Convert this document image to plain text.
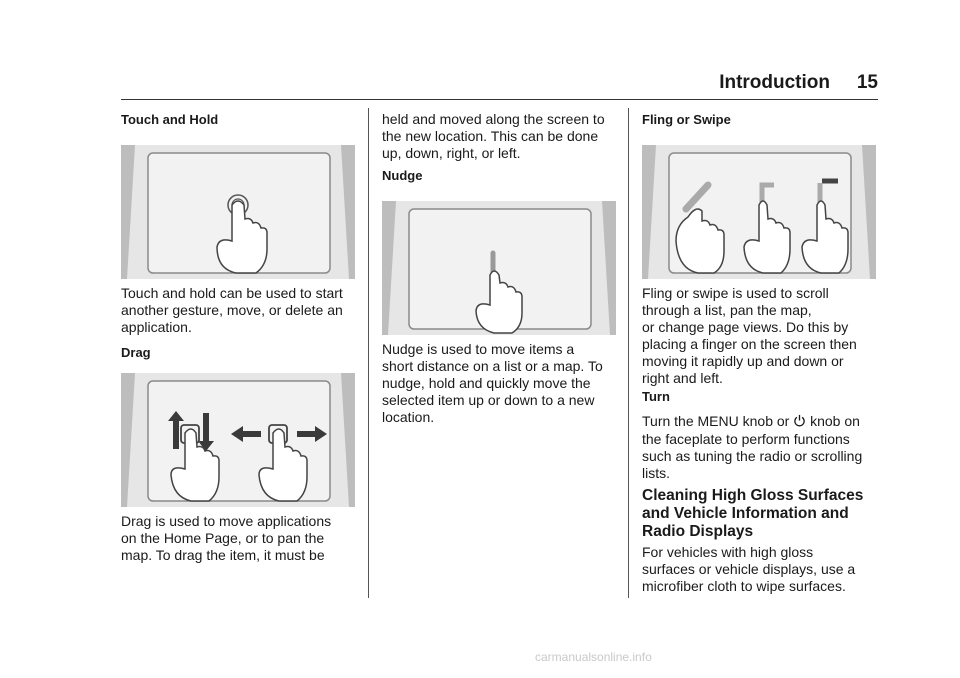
Introduction 15
Touch and Hold
Touch and hold can be used to start
another gesture, move, or delete an
application.
Drag
Drag is used to move applications
on the Home Page, or to pan the
map. To drag the item, it must be
held and moved along the screen to
the new location. This can be done
up, down, right, or left.
Nudge
Nudge is used to move items a
short distance on a list or a map. To
nudge, hold and quickly move the
selected item up or down to a new
location.
Fling or Swipe
Fling or swipe is used to scroll
through a list, pan the map,
or change page views. Do this by
placing a finger on the screen then
moving it rapidly up and down or
right and left.
Turn
Turn the MENU knob or knob on
the faceplate to perform functions
such as tuning the radio or scrolling
lists.
Cleaning High Gloss Surfaces
and Vehicle Information and
Radio Displays
For vehicles with high gloss
surfaces or vehicle displays, use a
microfiber cloth to wipe surfaces.
carmanualsonline.info
